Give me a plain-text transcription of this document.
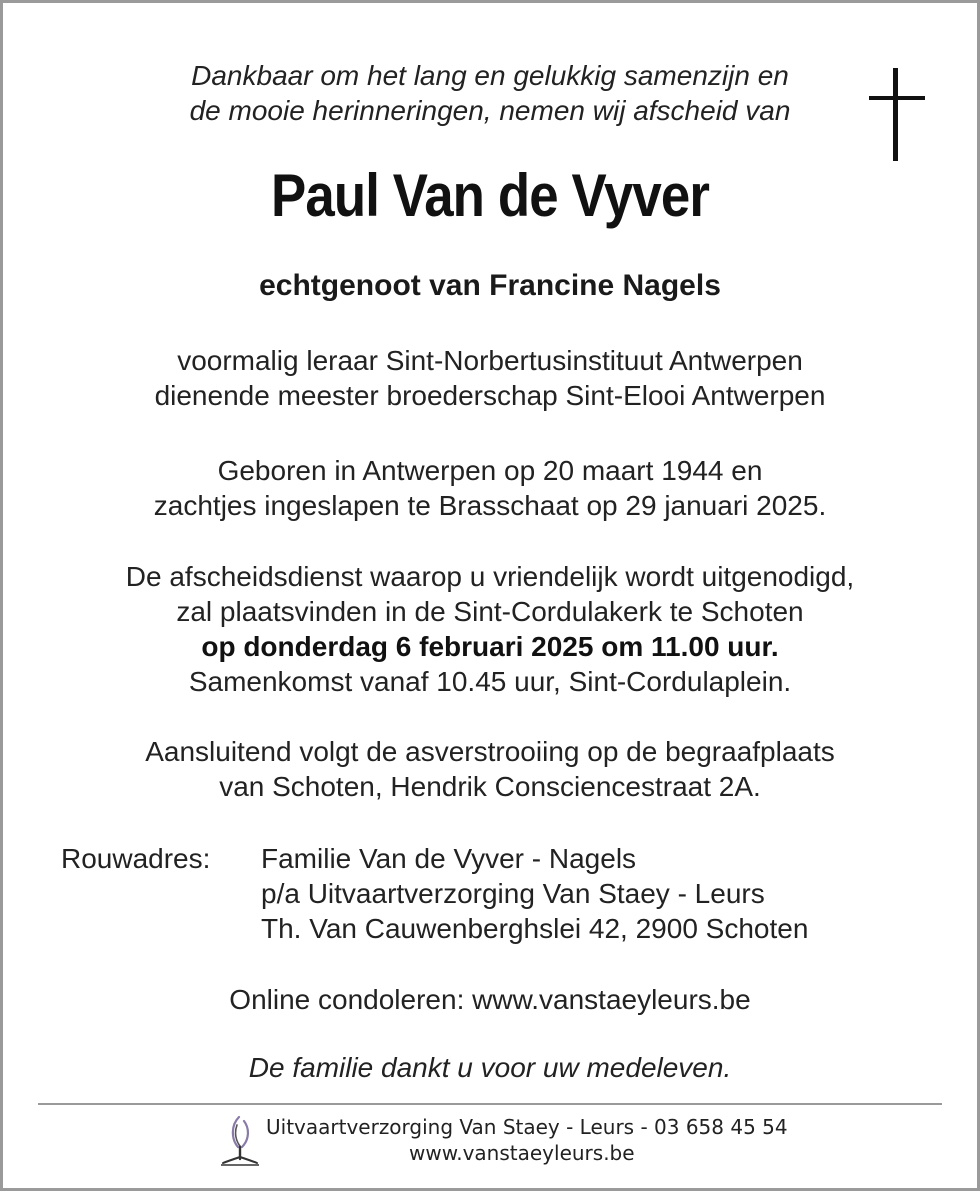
Dankbaar om het lang en gelukkig samenzijn en
de mooie herinneringen, nemen wij afscheid van
Paul Van de Vyver
echtgenoot van Francine Nagels
voormalig leraar Sint-Norbertusinstituut Antwerpen
dienende meester broederschap Sint-Elooi Antwerpen
Geboren in Antwerpen op 20 maart 1944 en
zachtjes ingeslapen te Brasschaat op 29 januari 2025.
De afscheidsdienst waarop u vriendelijk wordt uitgenodigd,
zal plaatsvinden in de Sint-Cordulakerk te Schoten
op donderdag 6 februari 2025 om 11.00 uur.
Samenkomst vanaf 10.45 uur, Sint-Cordulaplein.
Aansluitend volgt de asverstrooiing op de begraafplaats
van Schoten, Hendrik Consciencestraat 2A.
Rouwadres: Familie Van de Vyver - Nagels
p/a Uitvaartverzorging Van Staey - Leurs
Th. Van Cauwenberghslei 42, 2900 Schoten
Online condoleren: www.vanstaeyleurs.be
De familie dankt u voor uw medeleven.
Uitvaartverzorging Van Staey - Leurs - 03 658 45 54
www.vanstaeyleurs.be
